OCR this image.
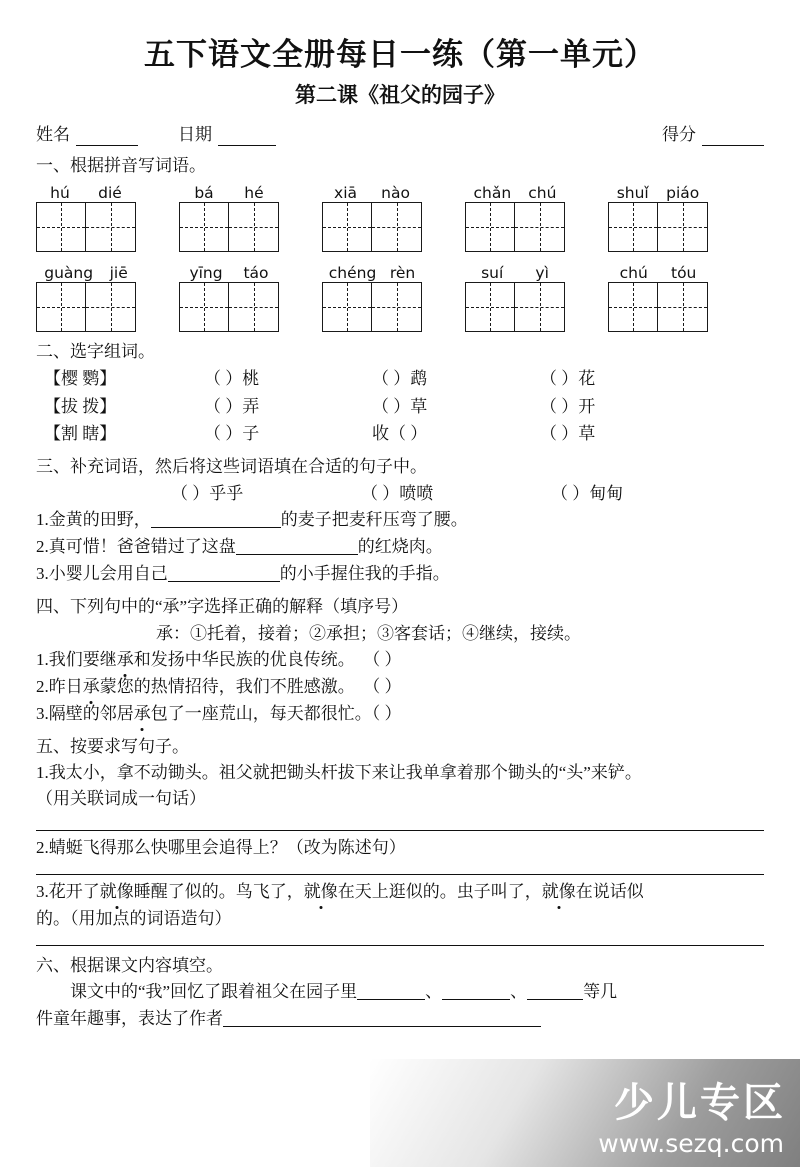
五下语文全册每日一练（第一单元）
第二课《祖父的园子》
姓名	日期	得分
一、根据拼音写词语。
hú dié	bá hé	xiā nào	chǎn chú	shuǐ piáo
guàng jiē	yīng táo	chéng rèn	suí yì	chú tóu
二、选字组词。
【樱 鹦】	（ ）桃	（ ）鹉	（ ）花
【拔 拨】	（ ）弄	（ ）草	（ ）开
【割 瞎】	（ ）子	收（ ）	（ ）草
三、补充词语，然后将这些词语填在合适的句子中。
（ ）乎乎	（ ）喷喷	（ ）甸甸
1.金黄的田野，	的麦子把麦秆压弯了腰。
2.真可惜！爸爸错过了这盘	的红烧肉。
3.小婴儿会用自己	的小手握住我的手指。
四、下列句中的“承”字选择正确的解释（填序号）
承：①托着，接着；②承担；③客套话；④继续，接续。
1.我们要继承和发扬中华民族的优良传统。 （ ）
2.昨日承蒙您的热情招待，我们不胜感激。 （ ）
3.隔壁的邻居承包了一座荒山，每天都很忙。（ ）
五、按要求写句子。
1.我太小，拿不动锄头。祖父就把锄头杆拔下来让我单拿着那个锄头的“头”来铲。
（用关联词成一句话）
2.蜻蜓飞得那么快哪里会追得上？（改为陈述句）
3.花开了就像睡醒了似的。鸟飞了，就像在天上逛似的。虫子叫了，就像在说话似
的。（用加点的词语造句）
六、根据课文内容填空。
课文中的“我”回忆了跟着祖父在园子里	、	、	等几
件童年趣事，表达了作者
少儿专区
www.sezq.com
